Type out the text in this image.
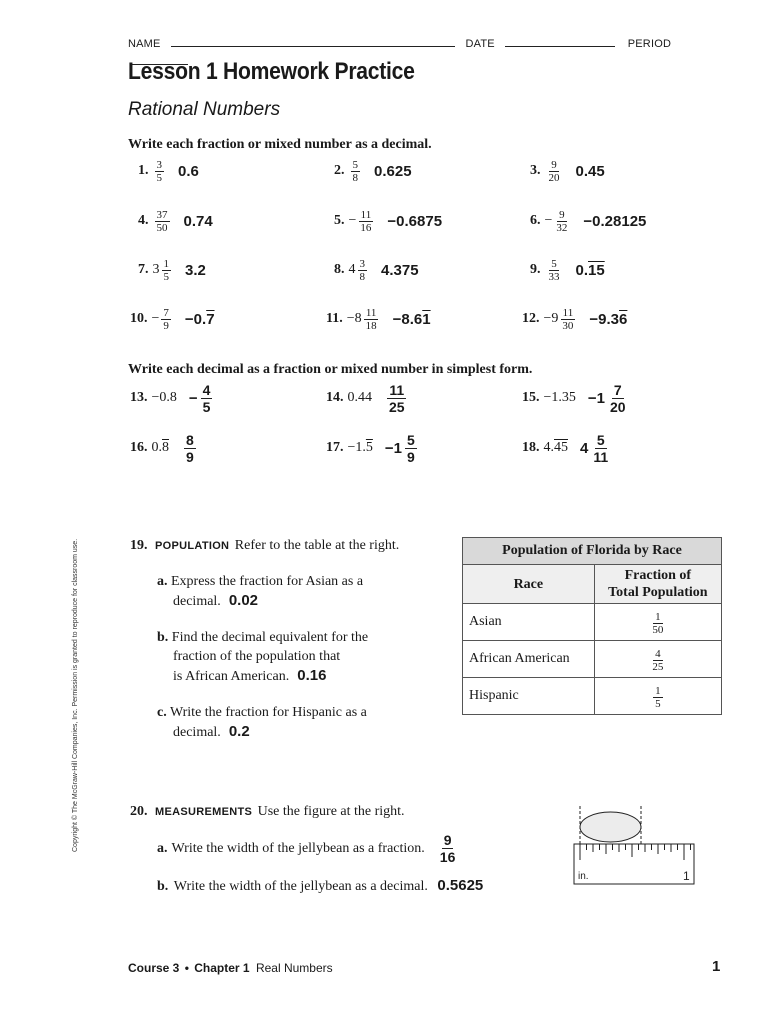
Copyright © The McGraw-Hill Companies, Inc. Permission is granted to reproduce for classroom use.
NAME	DATE	PERIOD
Lesson 1 Homework Practice
Rational Numbers
Write each fraction or mixed number as a decimal.
1. $\frac{3}{5} 0.6$	2. $\frac{5}{8} 0.625$	3. $\frac{9}{20} 0.45$
4. $\frac{37}{50} 0.74$	5. − $\frac{11}{16} -0.6875$	6. − $\frac{9}{32} -0.28125$
7. $3 \frac{1}{5} 3.2$	8. $4 \frac{3}{8} 4.375$	9. $\frac{5}{33} 0$. 15
10. − $\frac{7}{9} -0$. 7	11. − $8 \frac{11}{18} -8.6$ 1	12. − $9 \frac{11}{30} -9.3$ 6
Write each decimal as a fraction or mixed number in simplest form.
13. $-0.8 - \frac{4}{5}$	14. $0.44 \frac{11}{25}$	15. $-1.35 - 1 \frac{7}{20}$
16. 0. $8 \frac{8}{9}$	17. −1. $5 - 1 \frac{5}{9}$	18. 4. 45 $4 \frac{5}{11}$
19. POPULATION Refer to the table at the right.
a. Express the fraction for Asian as a
decimal. 0.02
b. Find the decimal equivalent for the
fraction of the population that
is African American. 0.16
c. Write the fraction for Hispanic as a
decimal. 0.2
Population of Florida by Race	
Race	Fraction of
Total Population
Asian	$\frac{1}{50}$

African American	$\frac{4}{25}$

Hispanic	$\frac{1}{5}$
20. MEASUREMENTS Use the figure at the right.
a. Write the width of the jellybean as a fraction. $\frac{9}{16}$
b. Write the width of the jellybean as a decimal. 0.5625
in.	1
Course 3 • Chapter 1 Real Numbers	1
